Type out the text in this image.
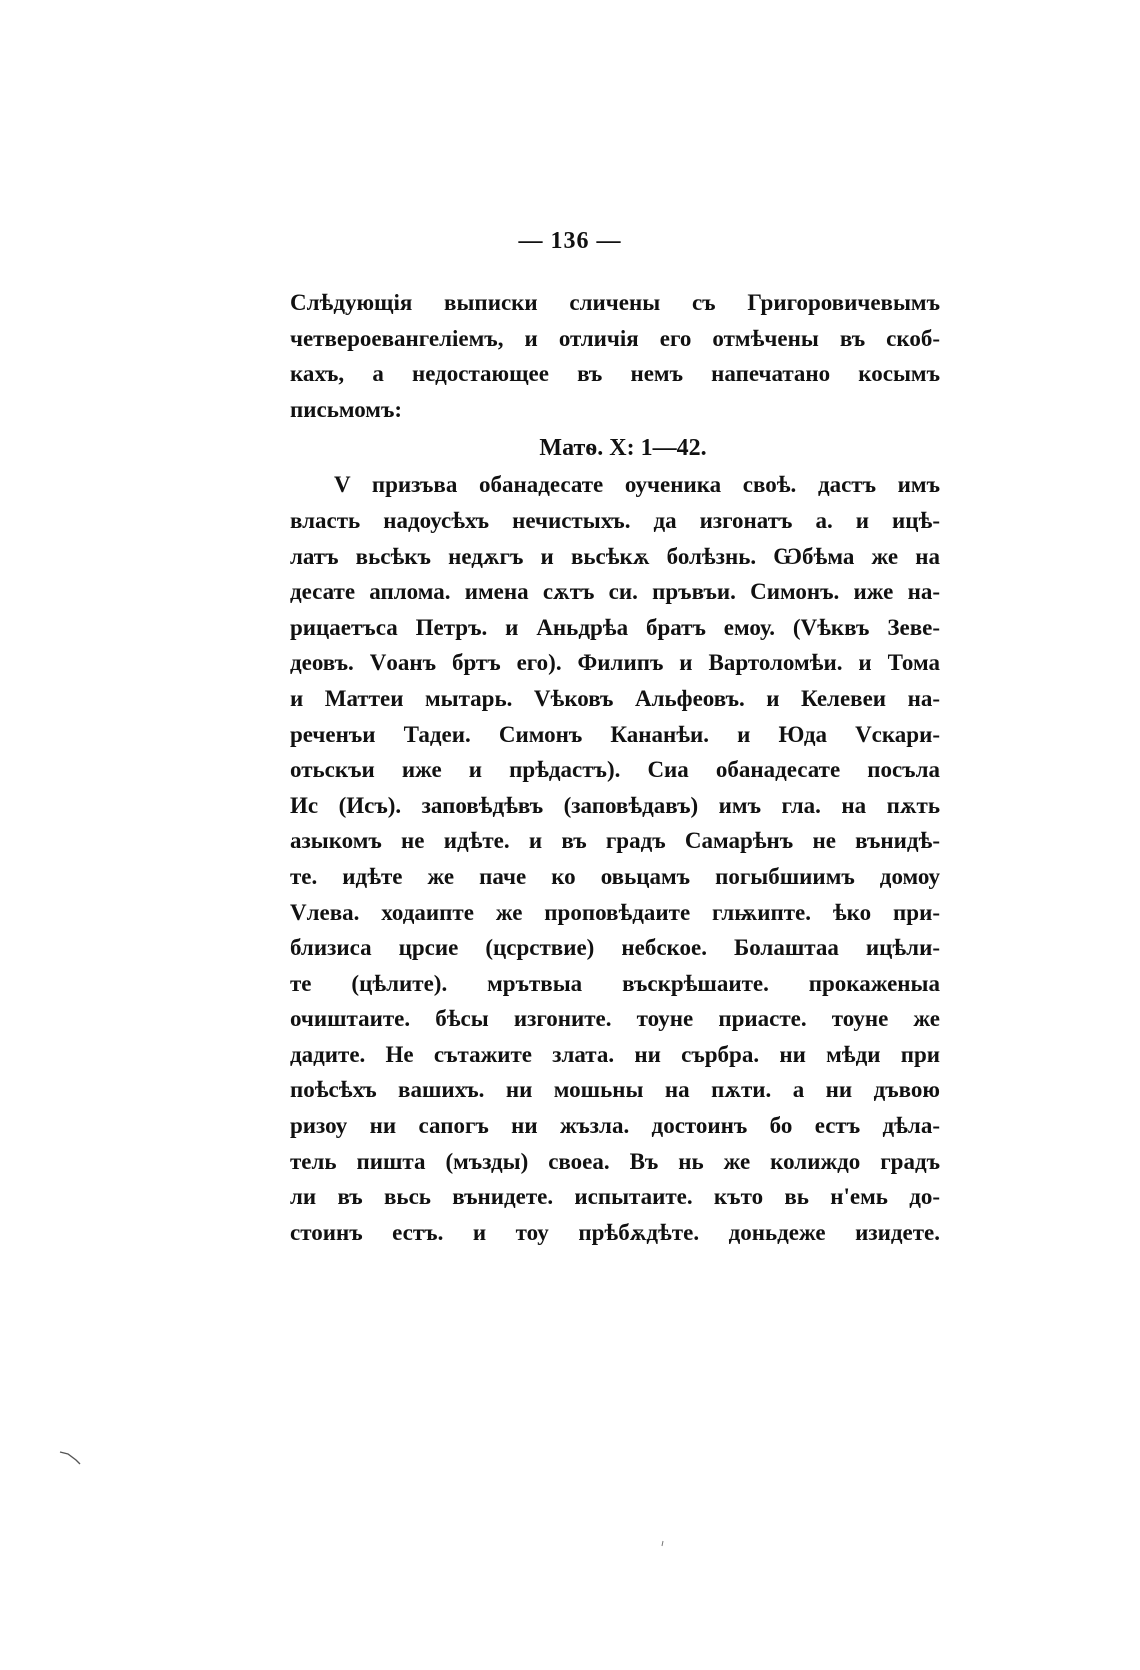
— 136 —
Слѣдующія выписки сличены съ Григоровичевымъ
четвероевангеліемъ, и отличія его отмѣчены въ скоб-
кахъ, а недостающее въ немъ напечатано косымъ
письмомъ:
Матѳ. X: 1—42.
V призъва обанадесате оученика своѣ. дастъ имъ
власть надоусѣхъ нечистыхъ. да изгонатъ а. и ицѣ-
латъ вьсѣкъ недѫгъ и вьсѣкѫ болѣзнь. Ѡбѣма же на
десате аплома. имена сѫтъ си. пръвъи. Симонъ. иже на-
рицаетъса Петръ. и Аньдрѣа братъ емоу. (Vѣквъ Зеве-
деовъ. Vоанъ бртъ его). Филипъ и Вартоломѣи. и Тома
и Маттеи мытарь. Vѣковъ Альфеовъ. и Келевеи на-
реченъи Тадеи. Симонъ Кананѣи. и Юда Vскари-
отьскъи иже и прѣдастъ). Сиа обанадесате посъла
Ис (Исъ). заповѣдѣвъ (заповѣдавъ) имъ гла. на пѫть
азыкомъ не идѣте. и въ градъ Самарѣнъ не вънидѣ-
те. идѣте же паче ко овьцамъ погыбшиимъ домоу
Vлева. ходаипте же проповѣдаите глѭипте. ѣко при-
близиса црсие (цсрствие) небское. Болаштаа ицѣли-
те (цѣлите). мрътвыа въскрѣшаите. прокаженыа
очиштаите. бѣсы изгоните. тоуне приасте. тоуне же
дадите. Не сътажите злата. ни сърбра. ни мѣди при
поѣсѣхъ вашихъ. ни мошьны на пѫти. а ни дъвою
ризоу ни сапогъ ни жъзла. достоинъ бо естъ дѣла-
тель пишта (мъзды) своеа. Въ нь же колиждо градъ
ли въ вьсь вънидете. испытаите. къто вь н'емь до-
стоинъ естъ. и тоу прѣбѫдѣте. доньдеже изидете.
